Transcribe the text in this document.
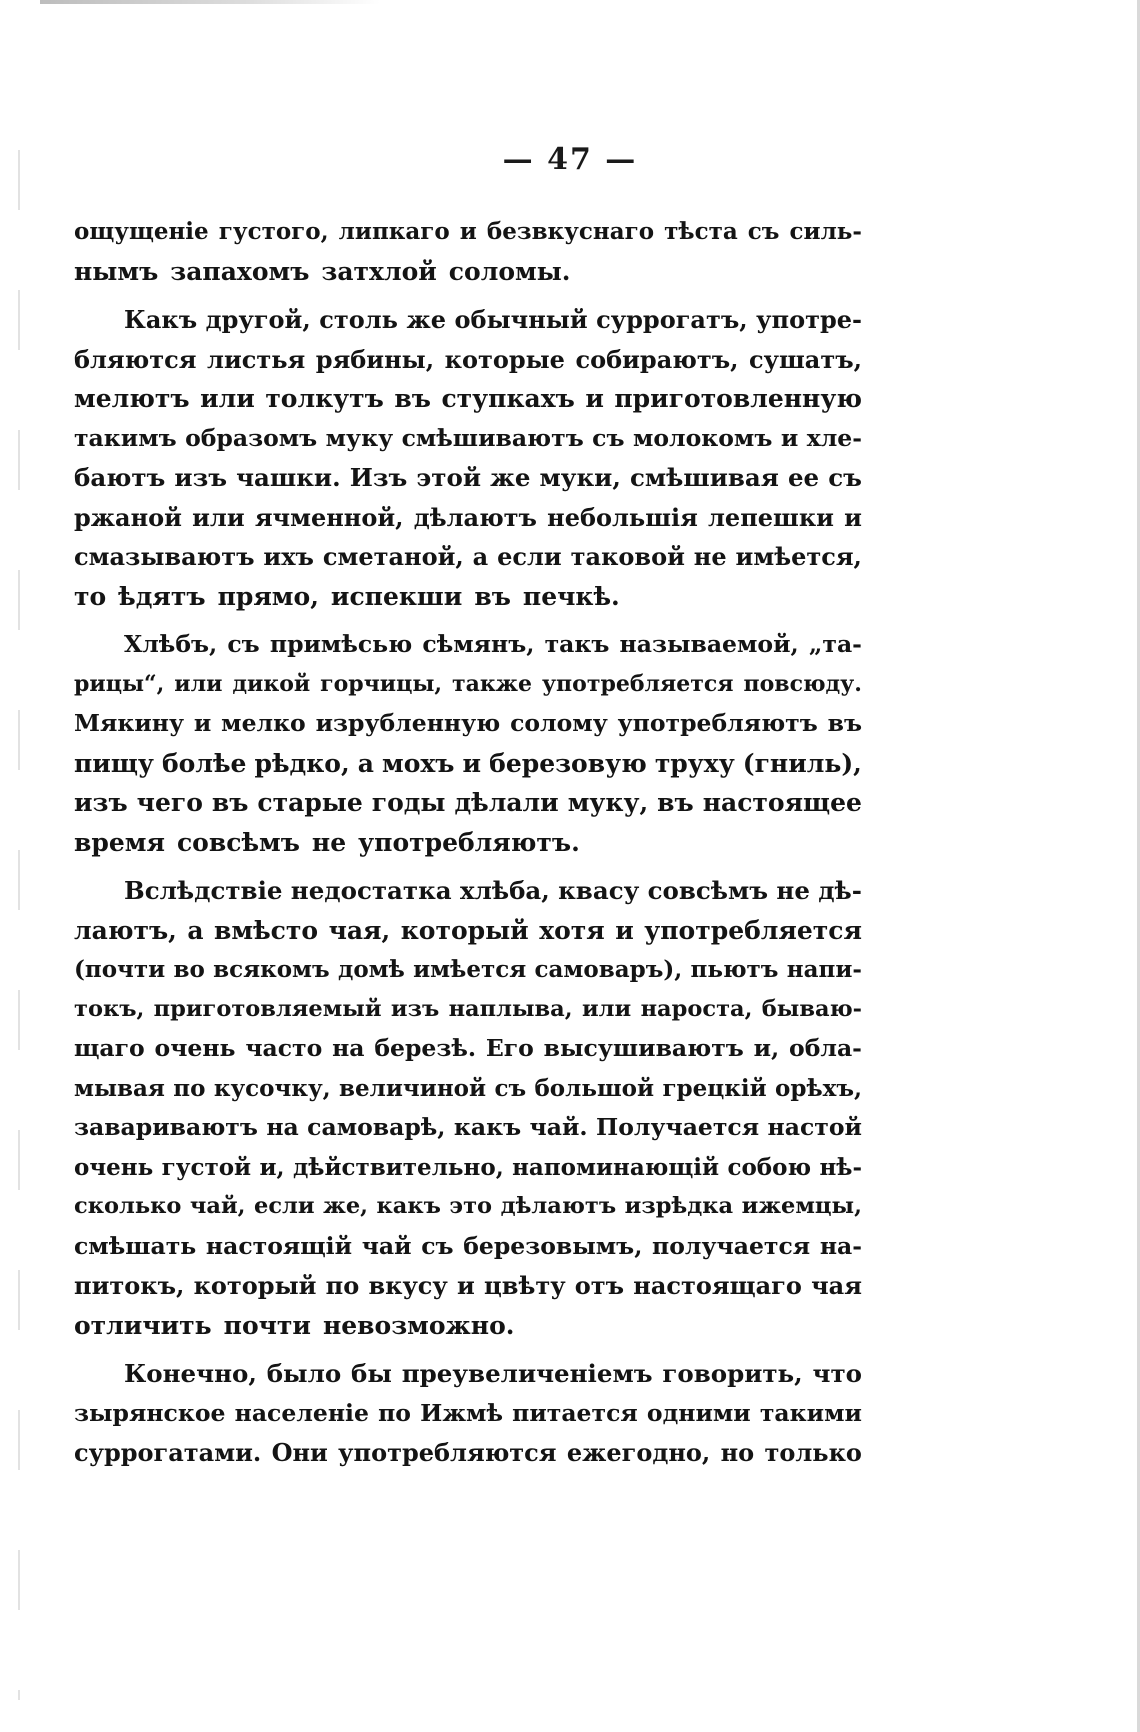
— 47 —
ощущеніе густого, липкаго и безвкуснаго тѣста съ силь-
нымъ запахомъ затхлой соломы.
Какъ другой, столь же обычный суррогатъ, употре-
бляются листья рябины, которые собираютъ, сушатъ,
мелютъ или толкутъ въ ступкахъ и приготовленную
такимъ образомъ муку смѣшиваютъ съ молокомъ и хле-
баютъ изъ чашки. Изъ этой же муки, смѣшивая ее съ
ржаной или ячменной, дѣлаютъ небольшія лепешки и
смазываютъ ихъ сметаной, а если таковой не имѣется,
то ѣдятъ прямо, испекши въ печкѣ.
Хлѣбъ, съ примѣсью сѣмянъ, такъ называемой, „та-
рицы“, или дикой горчицы, также употребляется повсюду.
Мякину и мелко изрубленную солому употребляютъ въ
пищу болѣе рѣдко, а мохъ и березовую труху (гниль),
изъ чего въ старые годы дѣлали муку, въ настоящее
время совсѣмъ не употребляютъ.
Вслѣдствіе недостатка хлѣба, квасу совсѣмъ не дѣ-
лаютъ, а вмѣсто чая, который хотя и употребляется
(почти во всякомъ домѣ имѣется самоваръ), пьютъ напи-
токъ, приготовляемый изъ наплыва, или нароста, бываю-
щаго очень часто на березѣ. Его высушиваютъ и, обла-
мывая по кусочку, величиной съ большой грецкій орѣхъ,
завариваютъ на самоварѣ, какъ чай. Получается настой
очень густой и, дѣйствительно, напоминающій собою нѣ-
сколько чай, если же, какъ это дѣлаютъ изрѣдка ижемцы,
смѣшать настоящій чай съ березовымъ, получается на-
питокъ, который по вкусу и цвѣту отъ настоящаго чая
отличить почти невозможно.
Конечно, было бы преувеличеніемъ говорить, что
зырянское населеніе по Ижмѣ питается одними такими
суррогатами. Они употребляются ежегодно, но только
